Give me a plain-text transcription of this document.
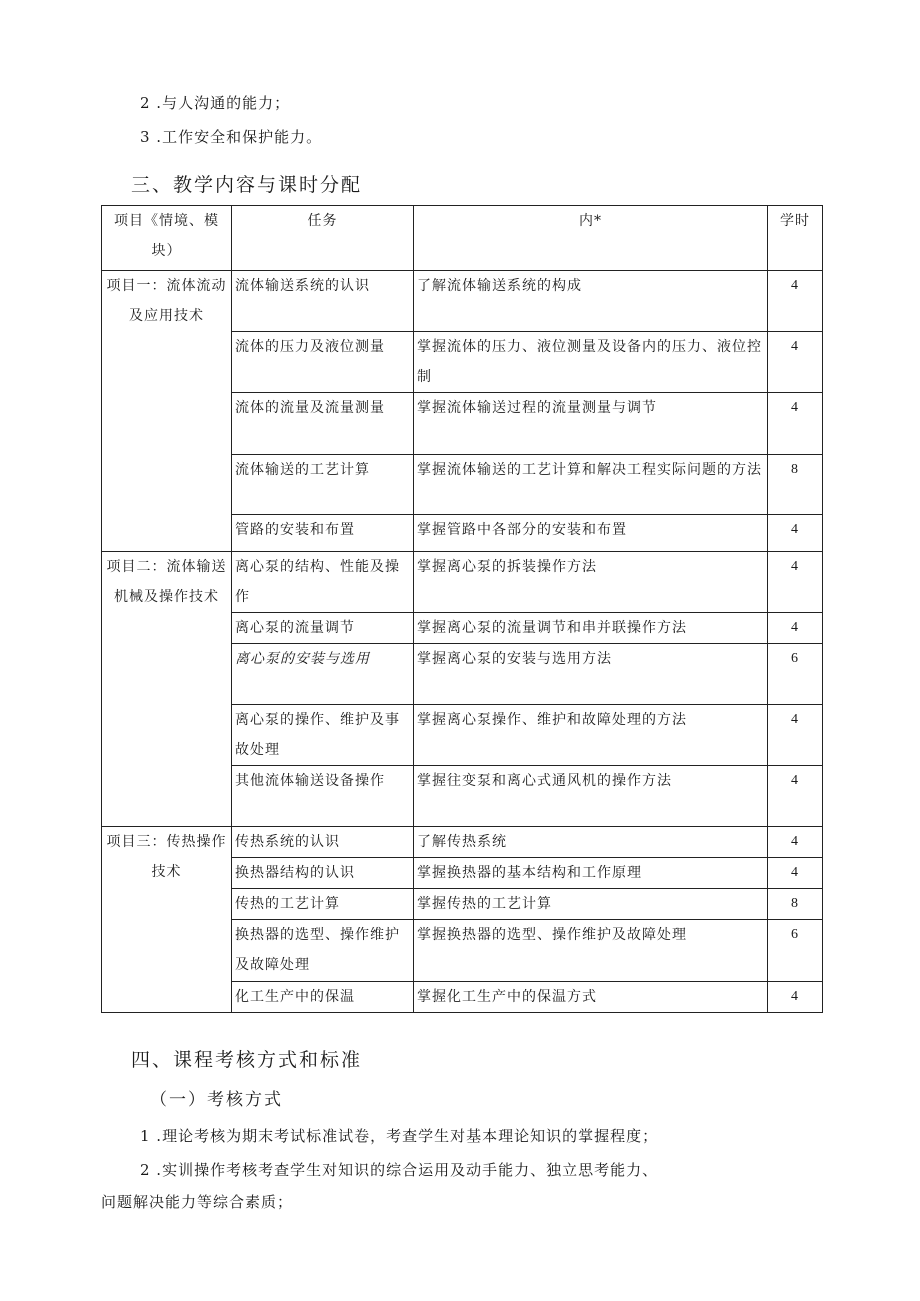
2 .与人沟通的能力；
3 .工作安全和保护能力。
三、教学内容与课时分配
项目《情境、模块）	任务	内*	学时
项目一：流体流动及应用技术	流体输送系统的认识	了解流体输送系统的构成	4
	流体的压力及液位测量	掌握流体的压力、液位测量及设备内的压力、液位控制	4
	流体的流量及流量测量	掌握流体输送过程的流量测量与调节	4
	流体输送的工艺计算	掌握流体输送的工艺计算和解决工程实际问题的方法	8
	管路的安装和布置	掌握管路中各部分的安装和布置	4
项目二：流体输送机械及操作技术	离心泵的结构、性能及操作	掌握离心泵的拆装操作方法	4
	离心泵的流量调节	掌握离心泵的流量调节和串并联操作方法	4
	离心泵的安装与选用	掌握离心泵的安装与选用方法	6
	离心泵的操作、维护及事故处理	掌握离心泵操作、维护和故障处理的方法	4
	其他流体输送设备操作	掌握往变泵和离心式通风机的操作方法	4
项目三：传热操作技术	传热系统的认识	了解传热系统	4
	换热器结构的认识	掌握换热器的基本结构和工作原理	4
	传热的工艺计算	掌握传热的工艺计算	8
	换热器的选型、操作维护及故障处理	掌握换热器的选型、操作维护及故障处理	6
	化工生产中的保温	掌握化工生产中的保温方式	4
四、课程考核方式和标准
（一）考核方式
1 .理论考核为期末考试标准试卷，考查学生对基本理论知识的掌握程度；
2 .实训操作考核考查学生对知识的综合运用及动手能力、独立思考能力、
问题解决能力等综合素质；
